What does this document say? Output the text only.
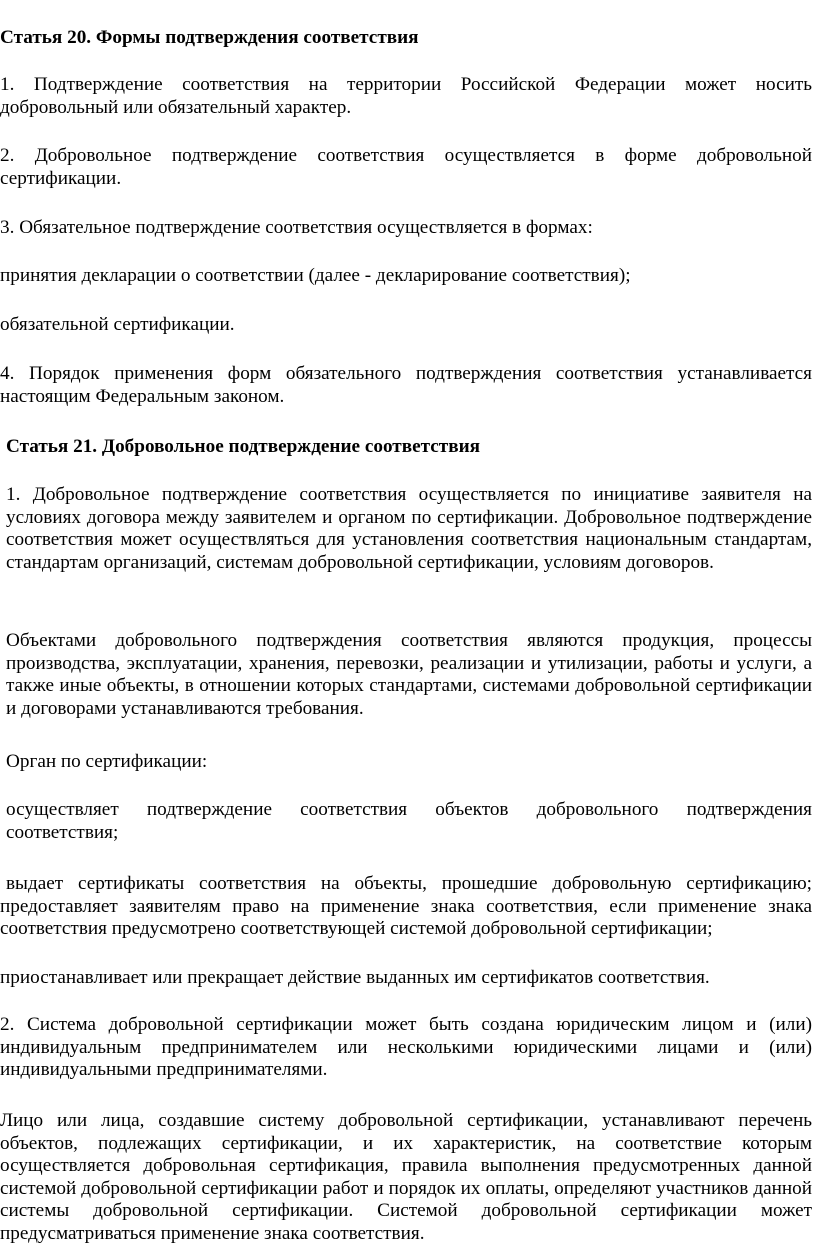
Статья 20. Формы подтверждения соответствия

1. Подтверждение соответствия на территории Российской Федерации может носить добровольный или обязательный характер.

2. Добровольное подтверждение соответствия осуществляется в форме добровольной сертификации.

3. Обязательное подтверждение соответствия осуществляется в формах:

принятия декларации о соответствии (далее - декларирование соответствия);

обязательной сертификации.

4. Порядок применения форм обязательного подтверждения соответствия устанавливается настоящим Федеральным законом.

Статья 21. Добровольное подтверждение соответствия

1. Добровольное подтверждение соответствия осуществляется по инициативе заявителя на условиях договора между заявителем и органом по сертификации. Добровольное подтверждение соответствия может осуществляться для установления соответствия национальным стандартам, стандартам организаций, системам добровольной сертификации, условиям договоров.

Объектами добровольного подтверждения соответствия являются продукция, процессы производства, эксплуатации, хранения, перевозки, реализации и утилизации, работы и услуги, а также иные объекты, в отношении которых стандартами, системами добровольной сертификации и договорами устанавливаются требования.

Орган по сертификации:

осуществляет подтверждение соответствия объектов добровольного подтверждения соответствия;

выдает сертификаты соответствия на объекты, прошедшие добровольную сертификацию; предоставляет заявителям право на применение знака соответствия, если применение знака соответствия предусмотрено соответствующей системой добровольной сертификации;

приостанавливает или прекращает действие выданных им сертификатов соответствия.

2. Система добровольной сертификации может быть создана юридическим лицом и (или) индивидуальным предпринимателем или несколькими юридическими лицами и (или) индивидуальными предпринимателями.

Лицо или лица, создавшие систему добровольной сертификации, устанавливают перечень объектов, подлежащих сертификации, и их характеристик, на соответствие которым осуществляется добровольная сертификация, правила выполнения предусмотренных данной системой добровольной сертификации работ и порядок их оплаты, определяют участников данной системы добровольной сертификации. Системой добровольной сертификации может предусматриваться применение знака соответствия.
